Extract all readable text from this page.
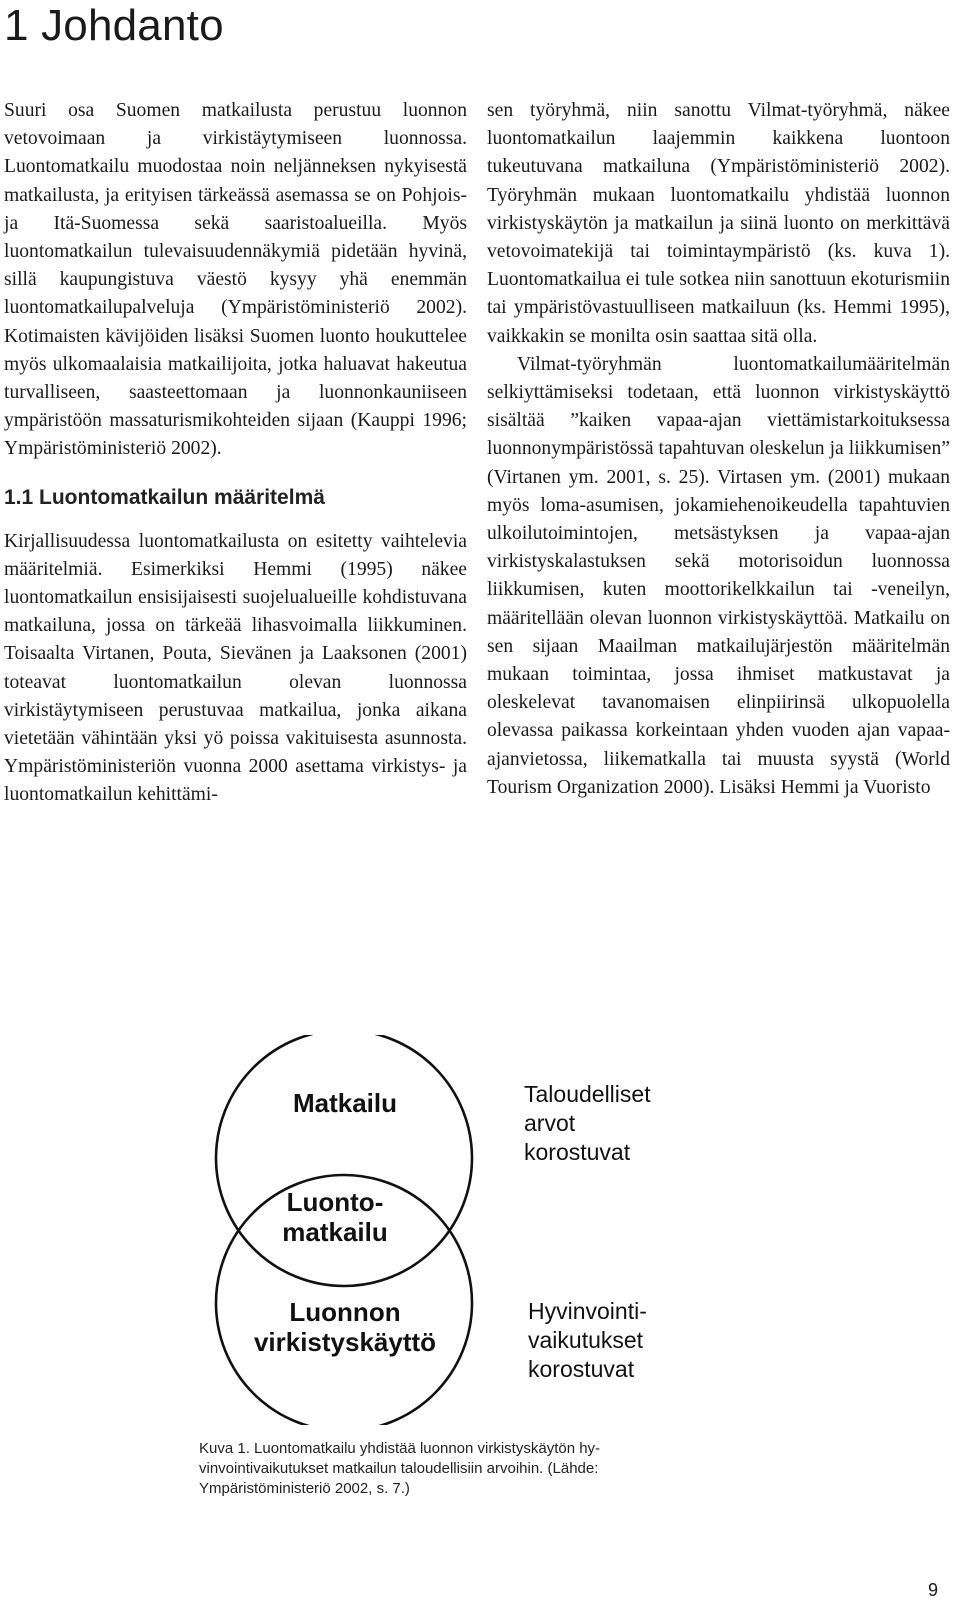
1 Johdanto

Suuri osa Suomen matkailusta perustuu luonnon vetovoimaan ja virkistäytymiseen luonnossa. Luontomatkailu muodostaa noin neljänneksen nykyisestä matkailusta, ja erityisen tärkeässä asemassa se on Pohjois- ja Itä-Suomessa sekä saaristoalueilla. Myös luontomatkailun tulevaisuudennäkymiä pidetään hyvinä, sillä kaupungistuva väestö kysyy yhä enemmän luontomatkailupalveluja (Ympäristöministeriö 2002). Kotimaisten kävijöiden lisäksi Suomen luonto houkuttelee myös ulkomaalaisia matkailijoita, jotka haluavat hakeutua turvalliseen, saasteettomaan ja luonnonkauniiseen ympäristöön massaturismikohteiden sijaan (Kauppi 1996; Ympäristöministeriö 2002).

1.1 Luontomatkailun määritelmä

Kirjallisuudessa luontomatkailusta on esitetty vaihtelevia määritelmiä. Esimerkiksi Hemmi (1995) näkee luontomatkailun ensisijaisesti suojelualueille kohdistuvana matkailuna, jossa on tärkeää lihasvoimalla liikkuminen. Toisaalta Virtanen, Pouta, Sievänen ja Laaksonen (2001) toteavat luontomatkailun olevan luonnossa virkistäytymiseen perustuvaa matkailua, jonka aikana vietetään vähintään yksi yö poissa vakituisesta asunnosta. Ympäristöministeriön vuonna 2000 asettama virkistys- ja luontomatkailun kehittämi-

sen työryhmä, niin sanottu Vilmat-työryhmä, näkee luontomatkailun laajemmin kaikkena luontoon tukeutuvana matkailuna (Ympäristöministeriö 2002). Työryhmän mukaan luontomatkailu yhdistää luonnon virkistyskäytön ja matkailun ja siinä luonto on merkittävä vetovoimatekijä tai toimintaympäristö (ks. kuva 1). Luontomatkailua ei tule sotkea niin sanottuun ekoturismiin tai ympäristövastuulliseen matkailuun (ks. Hemmi 1995), vaikkakin se monilta osin saattaa sitä olla.

Vilmat-työryhmän luontomatkailumääritelmän selkiyttämiseksi todetaan, että luonnon virkistyskäyttö sisältää ”kaiken vapaa-ajan viettämistarkoituksessa luonnonympäristössä tapahtuvan oleskelun ja liikkumisen” (Virtanen ym. 2001, s. 25). Virtasen ym. (2001) mukaan myös loma-asumisen, jokamiehenoikeudella tapahtuvien ulkoilutoimintojen, metsästyksen ja vapaa-ajan virkistyskalastuksen sekä motorisoidun luonnossa liikkumisen, kuten moottorikelkkailun tai -veneilyn, määritellään olevan luonnon virkistyskäyttöä. Matkailu on sen sijaan Maailman matkailujärjestön määritelmän mukaan toimintaa, jossa ihmiset matkustavat ja oleskelevat tavanomaisen elinpiirinsä ulkopuolella olevassa paikassa korkeintaan yhden vuoden ajan vapaa-ajanvietossa, liikematkalla tai muusta syystä (World Tourism Organization 2000). Lisäksi Hemmi ja Vuoristo

Matkailu
Luonto-
matkailu
Luonnon
virkistyskäyttö
Taloudelliset
arvot
korostuvat
Hyvinvointi-
vaikutukset
korostuvat
Kuva 1. Luontomatkailu yhdistää luonnon virkistyskäytön hy-
vinvointivaikutukset matkailun taloudellisiin arvoihin. (Lähde:
Ympäristöministeriö 2002, s. 7.)
9
